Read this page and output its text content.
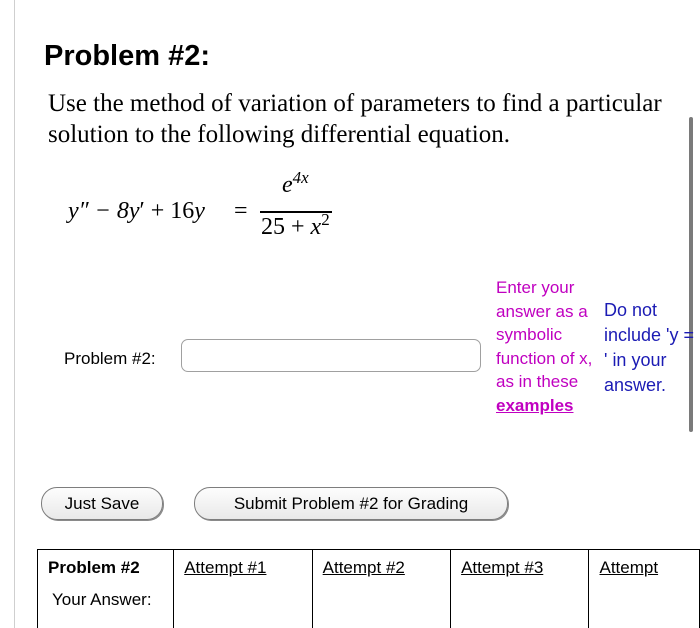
Problem #2:
Use the method of variation of parameters to find a particular solution to the following differential equation.
y″ − 8y′ + 16y =
$e^{4x}$
$25 + x^2$
Problem #2:
Enter your answer as a symbolic function of x, as in these examples
Do not include 'y = ' in your answer.
Just Save	Submit Problem #2 for Grading
Problem #2	Attempt #1	Attempt #2	Attempt #3	Attempt
Your Answer:				
